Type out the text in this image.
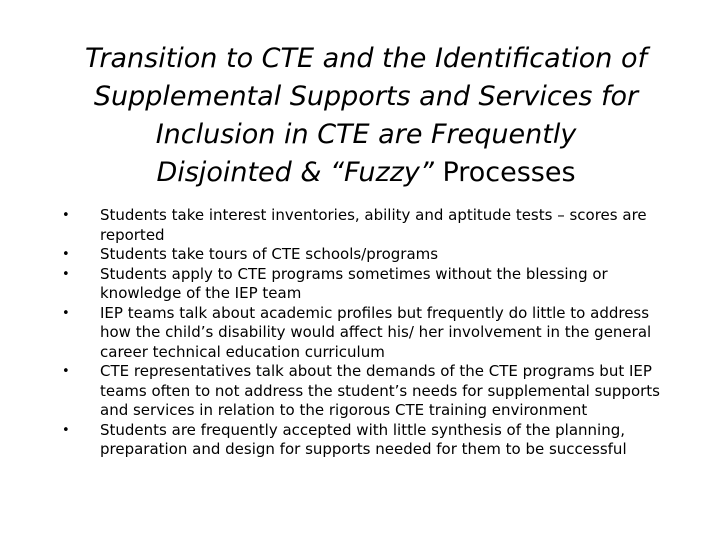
Transition to CTE and the Identification of
Supplemental Supports and Services for
Inclusion in CTE are Frequently
Disjointed & “Fuzzy” Processes
• Students take interest inventories, ability and aptitude tests – scores are reported
• Students take tours of CTE schools/programs
• Students apply to CTE programs sometimes without the blessing or knowledge of the IEP team
• IEP teams talk about academic profiles but frequently do little to address how the child’s disability would affect his/ her involvement in the general career technical education curriculum
• CTE representatives talk about the demands of the CTE programs but IEP teams often to not address the student’s needs for supplemental supports and services in relation to the rigorous CTE training environment
• Students are frequently accepted with little synthesis of the planning, preparation and design for supports needed for them to be successful
